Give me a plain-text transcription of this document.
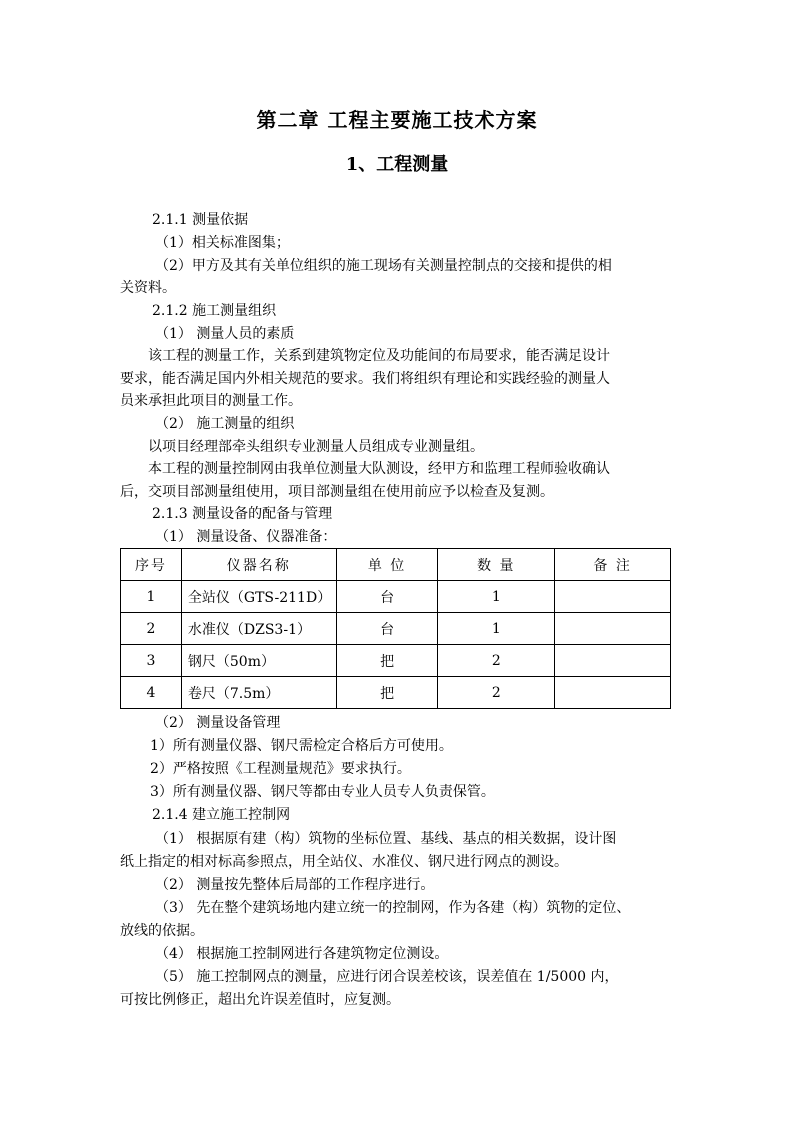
第二章 工程主要施工技术方案
1、工程测量
2.1.1 测量依据
（1）相关标准图集；
（2）甲方及其有关单位组织的施工现场有关测量控制点的交接和提供的相
关资料。
2.1.2 施工测量组织
（1） 测量人员的素质
该工程的测量工作，关系到建筑物定位及功能间的布局要求，能否满足设计
要求，能否满足国内外相关规范的要求。我们将组织有理论和实践经验的测量人
员来承担此项目的测量工作。
（2） 施工测量的组织
以项目经理部牵头组织专业测量人员组成专业测量组。
本工程的测量控制网由我单位测量大队测设，经甲方和监理工程师验收确认
后，交项目部测量组使用，项目部测量组在使用前应予以检查及复测。
2.1.3 测量设备的配备与管理
（1） 测量设备、仪器准备：
序号	仪器名称	单 位	数 量	备 注
1	全站仪（GTS-211D）	台	1	
2	水准仪（DZS3-1）	台	1	
3	钢尺（50m）	把	2	
4	卷尺（7.5m）	把	2	
（2） 测量设备管理
1）所有测量仪器、钢尺需检定合格后方可使用。
2）严格按照《工程测量规范》要求执行。
3）所有测量仪器、钢尺等都由专业人员专人负责保管。
2.1.4 建立施工控制网
（1） 根据原有建（构）筑物的坐标位置、基线、基点的相关数据，设计图
纸上指定的相对标高参照点，用全站仪、水准仪、钢尺进行网点的测设。
（2） 测量按先整体后局部的工作程序进行。
（3） 先在整个建筑场地内建立统一的控制网，作为各建（构）筑物的定位、
放线的依据。
（4） 根据施工控制网进行各建筑物定位测设。
（5） 施工控制网点的测量，应进行闭合误差校该，误差值在 1/5000 内，
可按比例修正，超出允许误差值时，应复测。
